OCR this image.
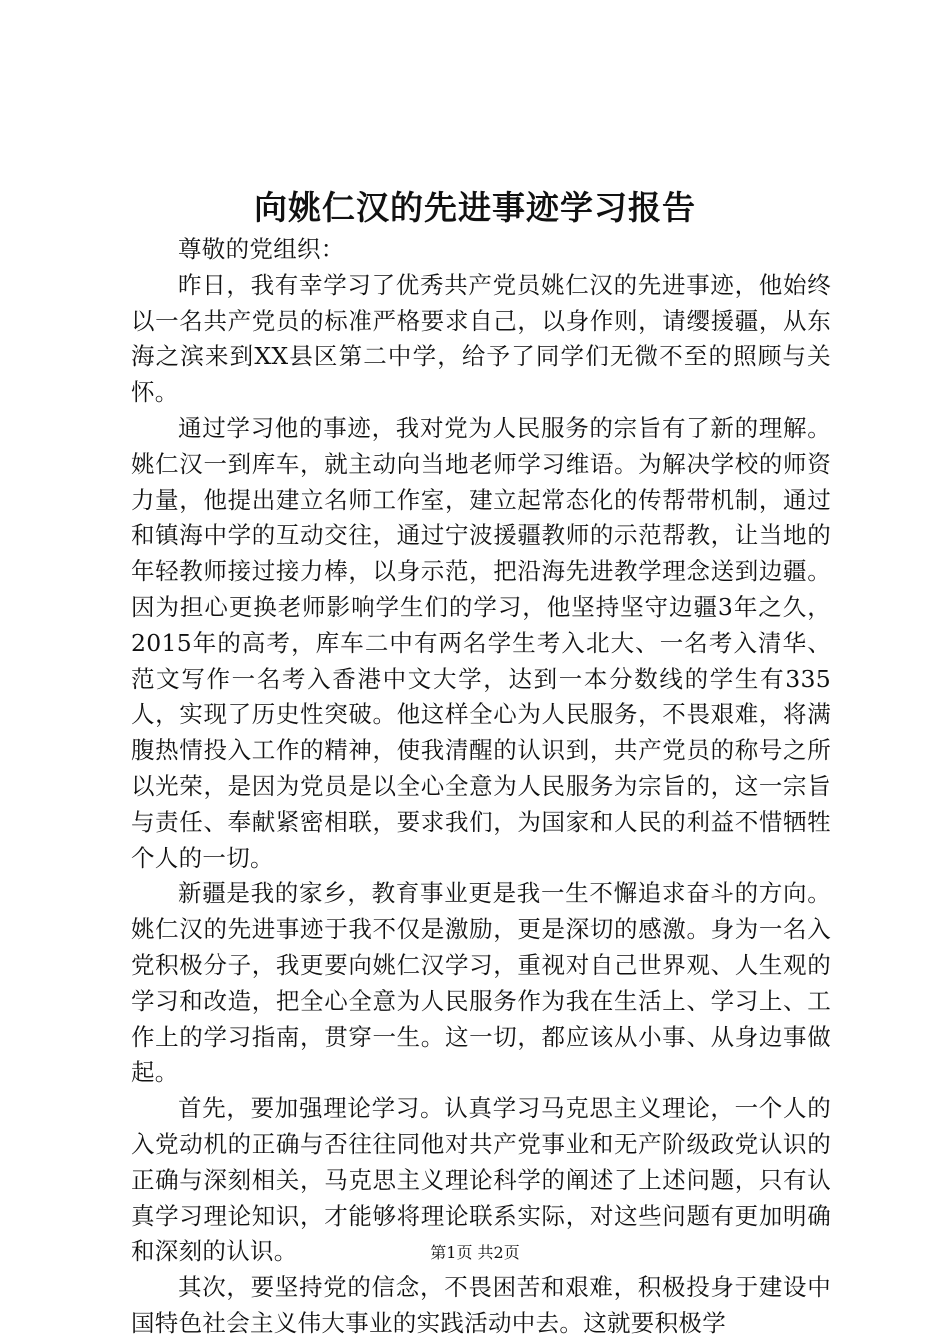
向姚仁汉的先进事迹学习报告

尊敬的党组织：

昨日，我有幸学习了优秀共产党员姚仁汉的先进事迹，他始终以一名共产党员的标准严格要求自己，以身作则，请缨援疆，从东海之滨来到XX县区第二中学，给予了同学们无微不至的照顾与关怀。

通过学习他的事迹，我对党为人民服务的宗旨有了新的理解。姚仁汉一到库车，就主动向当地老师学习维语。为解决学校的师资力量，他提出建立名师工作室，建立起常态化的传帮带机制，通过和镇海中学的互动交往，通过宁波援疆教师的示范帮教，让当地的年轻教师接过接力棒，以身示范，把沿海先进教学理念送到边疆。因为担心更换老师影响学生们的学习，他坚持坚守边疆3年之久，2015年的高考，库车二中有两名学生考入北大、一名考入清华、范文写作一名考入香港中文大学，达到一本分数线的学生有335人，实现了历史性突破。他这样全心为人民服务，不畏艰难，将满腹热情投入工作的精神，使我清醒的认识到，共产党员的称号之所以光荣，是因为党员是以全心全意为人民服务为宗旨的，这一宗旨与责任、奉献紧密相联，要求我们，为国家和人民的利益不惜牺牲个人的一切。

新疆是我的家乡，教育事业更是我一生不懈追求奋斗的方向。姚仁汉的先进事迹于我不仅是激励，更是深切的感激。身为一名入党积极分子，我更要向姚仁汉学习，重视对自己世界观、人生观的学习和改造，把全心全意为人民服务作为我在生活上、学习上、工作上的学习指南，贯穿一生。这一切，都应该从小事、从身边事做起。

首先，要加强理论学习。认真学习马克思主义理论，一个人的入党动机的正确与否往往同他对共产党事业和无产阶级政党认识的正确与深刻相关，马克思主义理论科学的阐述了上述问题，只有认真学习理论知识，才能够将理论联系实际，对这些问题有更加明确和深刻的认识。

其次，要坚持党的信念，不畏困苦和艰难，积极投身于建设中国特色社会主义伟大事业的实践活动中去。这就要积极学

第1页 共2页
